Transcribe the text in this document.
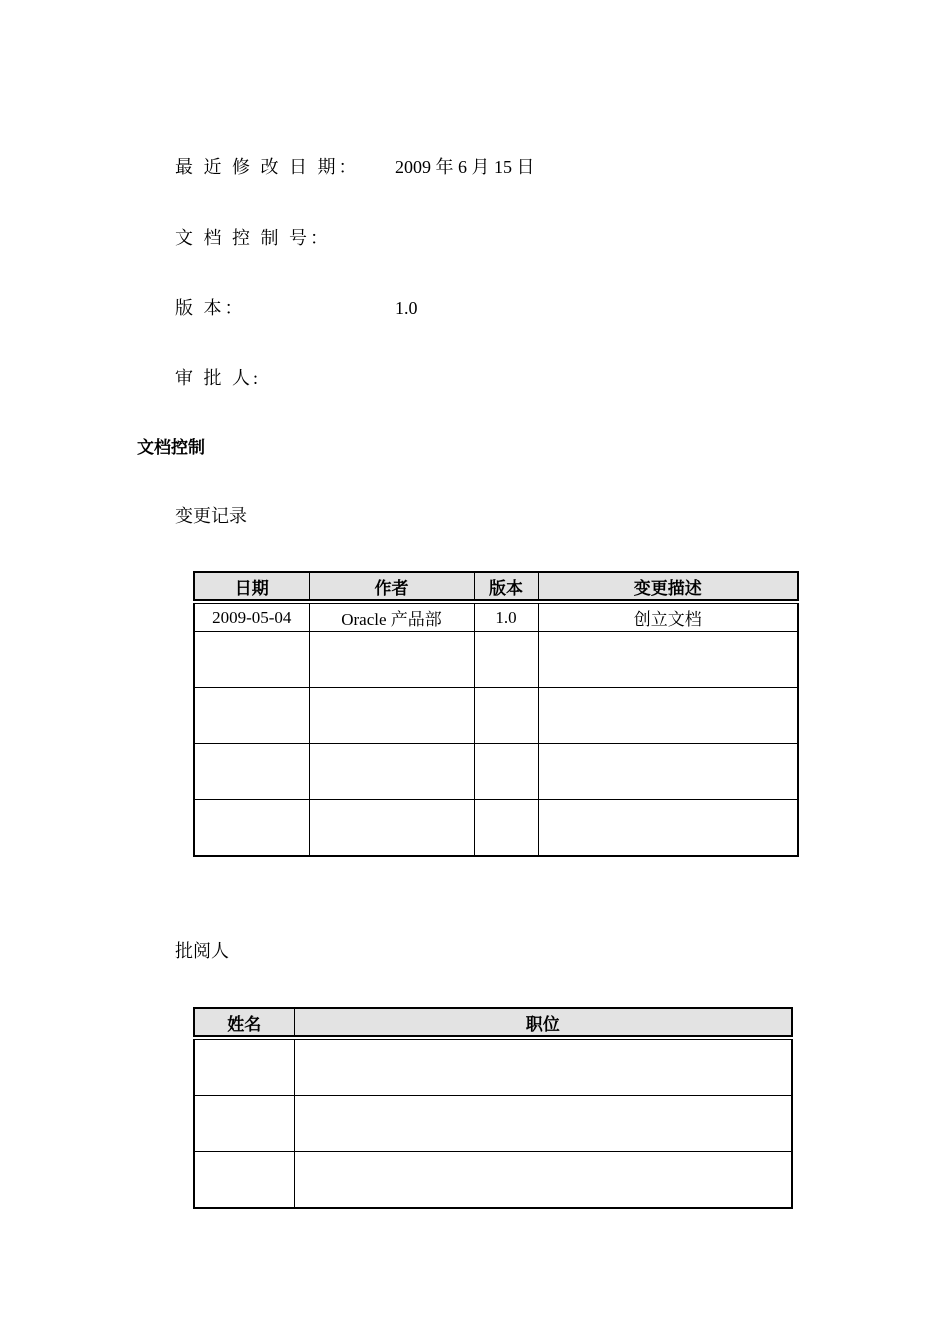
最 近 修 改 日 期： 2009 年 6 月 15 日
文 档 控 制 号：
版 本：	1.0
审 批 人:
文档控制
变更记录
日期	作者	版本	变更描述

2009-05-04	Oracle 产品部	1.0	创立文档

批阅人
姓名	职位
